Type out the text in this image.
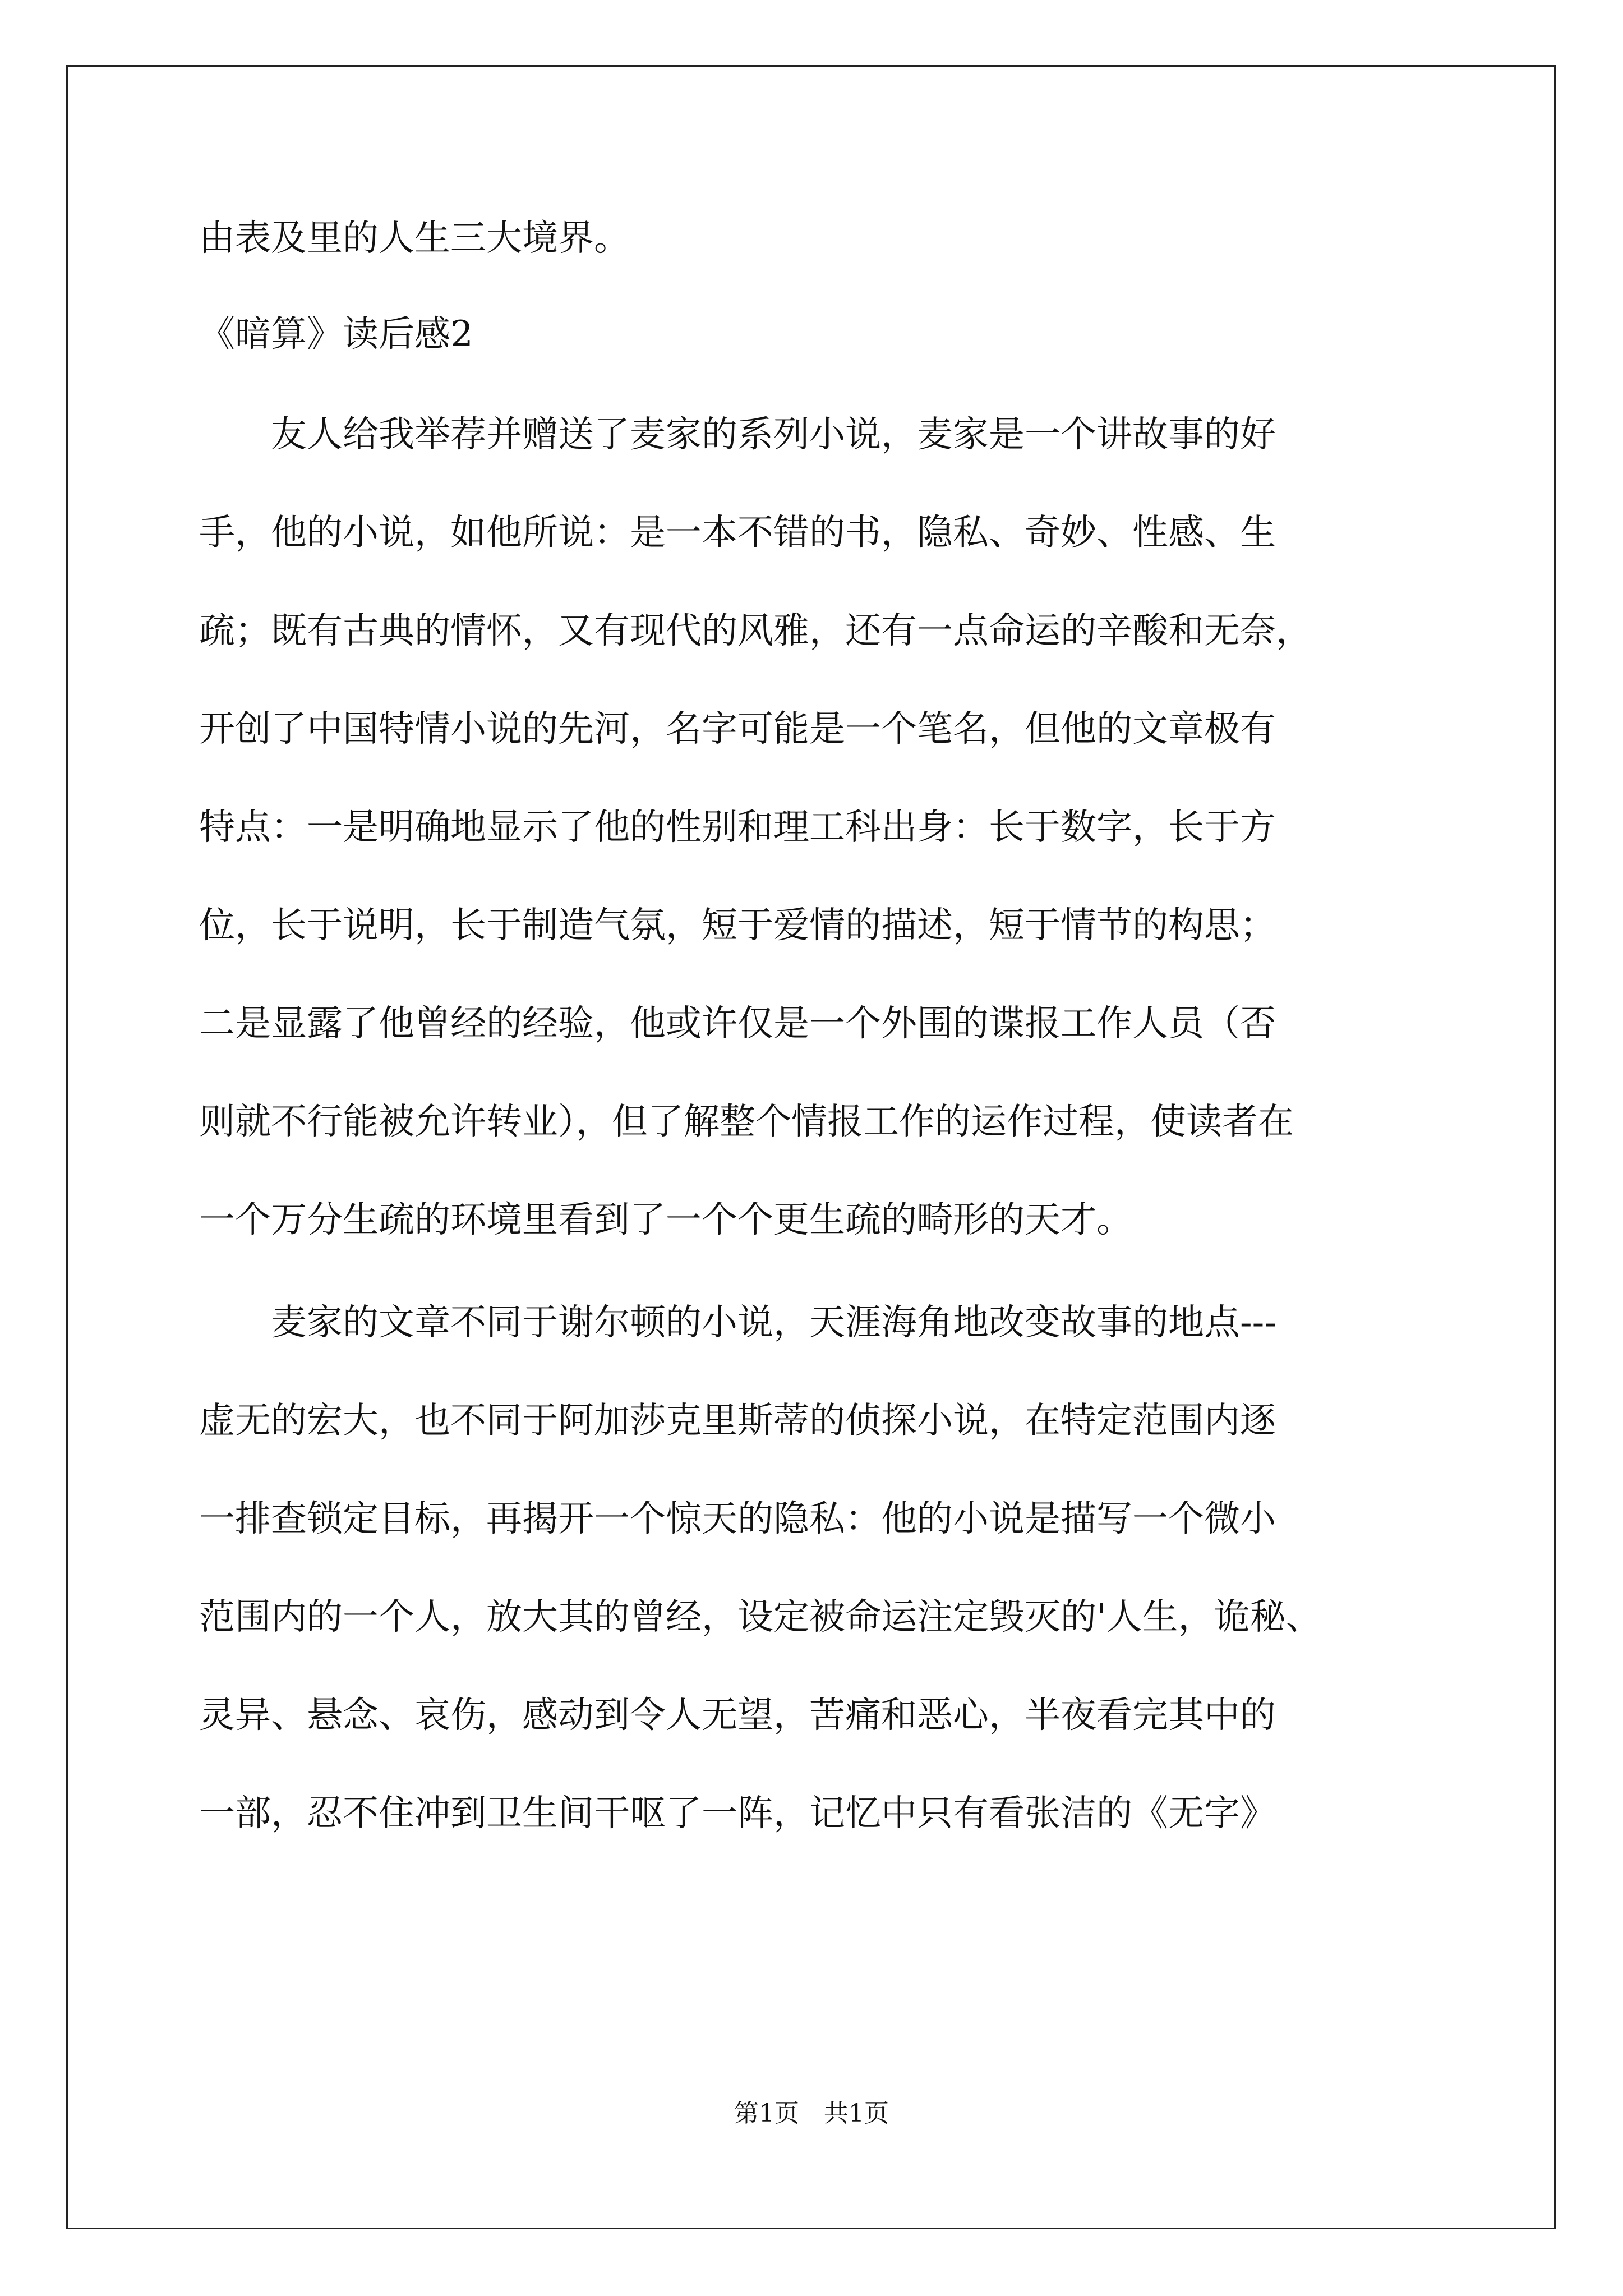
由表及里的人生三大境界。
《暗算》读后感2
　　友人给我举荐并赠送了麦家的系列小说，麦家是一个讲故事的好
手，他的小说，如他所说：是一本不错的书，隐私、奇妙、性感、生
疏；既有古典的情怀，又有现代的风雅，还有一点命运的辛酸和无奈，
开创了中国特情小说的先河，名字可能是一个笔名，但他的文章极有
特点：一是明确地显示了他的性别和理工科出身：长于数字，长于方
位，长于说明，长于制造气氛，短于爱情的描述，短于情节的构思；
二是显露了他曾经的经验，他或许仅是一个外围的谍报工作人员（否
则就不行能被允许转业），但了解整个情报工作的运作过程，使读者在
一个万分生疏的环境里看到了一个个更生疏的畸形的天才。
　　麦家的文章不同于谢尔顿的小说，天涯海角地改变故事的地点---
虚无的宏大，也不同于阿加莎克里斯蒂的侦探小说，在特定范围内逐
一排查锁定目标，再揭开一个惊天的隐私：他的小说是描写一个微小
范围内的一个人，放大其的曾经，设定被命运注定毁灭的'人生，诡秘、
灵异、悬念、哀伤，感动到令人无望，苦痛和恶心，半夜看完其中的
一部，忍不住冲到卫生间干呕了一阵，记忆中只有看张洁的《无字》
第1页　共1页
